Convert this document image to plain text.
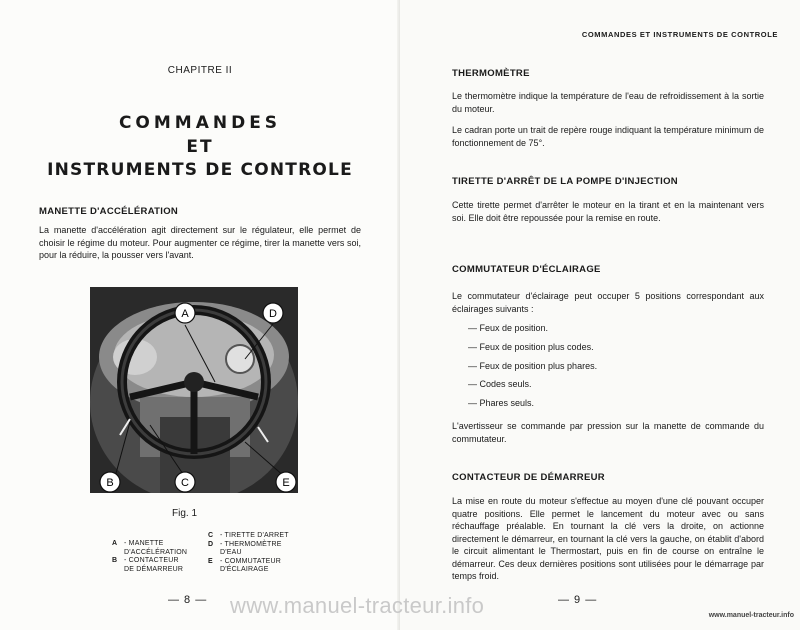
CHAPITRE II
COMMANDES
ET
INSTRUMENTS DE CONTROLE
MANETTE D'ACCÉLÉRATION
La manette d'accélération agit directement sur le régulateur, elle permet de choisir le régime du moteur. Pour augmenter ce régime, tirer la manette vers soi, pour la réduire, la pousser vers l'avant.
A	D
B	C	E
Fig. 1
A - MANETTE
D'ACCÉLÉRATION
B - CONTACTEUR
DE DÉMARREUR
C - TIRETTE D'ARRET
D - THERMOMÈTRE
D'EAU
E - COMMUTATEUR
D'ÉCLAIRAGE
— 8 —
COMMANDES ET INSTRUMENTS DE CONTROLE
THERMOMÈTRE
Le thermomètre indique la température de l'eau de refroidissement à la sortie du moteur.
Le cadran porte un trait de repère rouge indiquant la température minimum de fonctionnement de 75°.
TIRETTE D'ARRÊT DE LA POMPE D'INJECTION
Cette tirette permet d'arrêter le moteur en la tirant et en la maintenant vers soi. Elle doit être repoussée pour la remise en route.
COMMUTATEUR D'ÉCLAIRAGE
Le commutateur d'éclairage peut occuper 5 positions correspondant aux éclairages suivants :
— Feux de position.
— Feux de position plus codes.
— Feux de position plus phares.
— Codes seuls.
— Phares seuls.
L'avertisseur se commande par pression sur la manette de commande du commutateur.
CONTACTEUR DE DÉMARREUR
La mise en route du moteur s'effectue au moyen d'une clé pouvant occuper quatre positions. Elle permet le lancement du moteur avec ou sans réchauffage préalable. En tournant la clé vers la droite, on actionne directement le démarreur, en tournant la clé vers la gauche, on établit d'abord le circuit alimentant le Thermostart, puis en fin de course on entraîne le démarreur. Ces deux dernières positions sont utilisées pour le démarrage par temps froid.
— 9 —
www.manuel-tracteur.info	www.manuel-tracteur.info
